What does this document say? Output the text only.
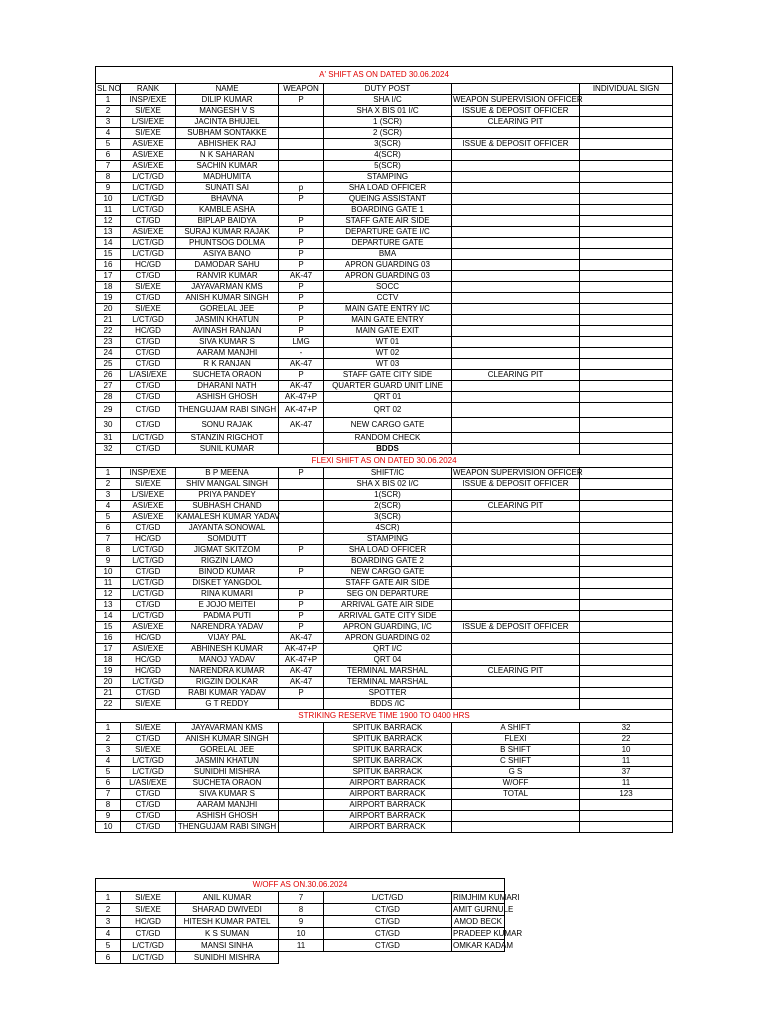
A' SHIFT AS ON DATED 30.06.2024						
SL NO	RANK	NAME	WEAPON	DUTY POST		INDIVIDUAL SIGN
1	INSP/EXE	DILIP KUMAR	P	SHA I/C	WEAPON SUPERVISION OFFICER	
2	SI/EXE	MANGESH V S		SHA X BIS 01 I/C	ISSUE & DEPOSIT OFFICER	
3	L/SI/EXE	JACINTA BHUJEL		1 (SCR)	CLEARING PIT	
4	SI/EXE	SUBHAM SONTAKKE		2 (SCR)		
5	ASI/EXE	ABHISHEK RAJ		3(SCR)	ISSUE & DEPOSIT OFFICER	
6	ASI/EXE	N K SAHARAN		4(SCR)		
7	ASI/EXE	SACHIN KUMAR		5(SCR)		
8	L/CT/GD	MADHUMITA		STAMPING		
9	L/CT/GD	SUNATI SAI	p	SHA LOAD OFFICER		
10	L/CT/GD	BHAVNA	P	QUEING ASSISTANT		
11	L/CT/GD	KAMBLE ASHA		BOARDING GATE 1		
12	CT/GD	BIPLAP BAIDYA	P	STAFF GATE AIR SIDE		
13	ASI/EXE	SURAJ KUMAR RAJAK	P	DEPARTURE GATE I/C		
14	L/CT/GD	PHUNTSOG DOLMA	P	DEPARTURE GATE		
15	L/CT/GD	ASIYA BANO	P	BMA		
16	HC/GD	DAMODAR SAHU	P	APRON GUARDING 03		
17	CT/GD	RANVIR KUMAR	AK-47	APRON GUARDING 03		
18	SI/EXE	JAYAVARMAN KMS	P	SOCC		
19	CT/GD	ANISH KUMAR SINGH	P	CCTV		
20	SI/EXE	GORELAL JEE	P	MAIN GATE ENTRY I/C		
21	L/CT/GD	JASMIN KHATUN	P	MAIN GATE ENTRY		
22	HC/GD	AVINASH RANJAN	P	MAIN GATE EXIT		
23	CT/GD	SIVA KUMAR S	LMG	WT 01		
24	CT/GD	AARAM MANJHI	-	WT 02		
25	CT/GD	R K RANJAN	AK-47	WT 03		
26	L/ASI/EXE	SUCHETA ORAON	P	STAFF GATE CITY SIDE	CLEARING PIT	
27	CT/GD	DHARANI NATH	AK-47	QUARTER GUARD UNIT LINE		
28	CT/GD	ASHISH GHOSH	AK-47+P	QRT 01		
29	CT/GD	THENGUJAM RABI SINGH	AK-47+P	QRT 02		
30	CT/GD	SONU RAJAK	AK-47	NEW CARGO GATE		
31	L/CT/GD	STANZIN RIGCHOT		RANDOM CHECK		
32	CT/GD	SUNIL KUMAR		BDDS		
FLEXI SHIFT AS ON DATED 30.06.2024						
1	INSP/EXE	B P MEENA	P	SHIFT/IC	WEAPON SUPERVISION OFFICER	
2	SI/EXE	SHIV MANGAL SINGH		SHA X BIS 02 I/C	ISSUE & DEPOSIT OFFICER	
3	L/SI/EXE	PRIYA PANDEY		1(SCR)		
4	ASI/EXE	SUBHASH CHAND		2(SCR)	CLEARING PIT	
5	ASI/EXE	KAMALESH KUMAR YADAV		3(SCR)		
6	CT/GD	JAYANTA SONOWAL		4SCR)		
7	HC/GD	SOMDUTT		STAMPING		
8	L/CT/GD	JIGMAT SKITZOM	P	SHA LOAD OFFICER		
9	L/CT/GD	RIGZIN LAMO		BOARDING GATE 2		
10	CT/GD	BINOD KUMAR	P	NEW CARGO GATE		
11	L/CT/GD	DISKET YANGDOL		STAFF GATE AIR SIDE		
12	L/CT/GD	RINA KUMARI	P	SEG ON DEPARTURE		
13	CT/GD	E JOJO MEITEI	P	ARRIVAL GATE AIR SIDE		
14	L/CT/GD	PADMA PUTI	P	ARRIVAL GATE CITY SIDE		
15	ASI/EXE	NARENDRA YADAV	P	APRON GUARDING, I/C	ISSUE & DEPOSIT OFFICER	
16	HC/GD	VIJAY PAL	AK-47	APRON GUARDING 02		
17	ASI/EXE	ABHINESH KUMAR	AK-47+P	QRT I/C		
18	HC/GD	MANOJ YADAV	AK-47+P	QRT 04		
19	HC/GD	NARENDRA KUMAR	AK-47	TERMINAL MARSHAL	CLEARING PIT	
20	L/CT/GD	RIGZIN DOLKAR	AK-47	TERMINAL MARSHAL		
21	CT/GD	RABI KUMAR YADAV	P	SPOTTER		
22	SI/EXE	G T REDDY		BDDS /IC		
STRIKING RESERVE TIME 1900 TO 0400 HRS						
1	SI/EXE	JAYAVARMAN KMS		SPITUK BARRACK	A SHIFT	32
2	CT/GD	ANISH KUMAR SINGH		SPITUK BARRACK	FLEXI	22
3	SI/EXE	GORELAL JEE		SPITUK BARRACK	B SHIFT	10
4	L/CT/GD	JASMIN KHATUN		SPITUK BARRACK	C SHIFT	11
5	L/CT/GD	SUNIDHI MISHRA		SPITUK BARRACK	G S	37
6	L/ASI/EXE	SUCHETA ORAON		AIRPORT BARRACK	W/OFF	11
7	CT/GD	SIVA KUMAR S		AIRPORT BARRACK	TOTAL	123
8	CT/GD	AARAM MANJHI		AIRPORT BARRACK		
9	CT/GD	ASHISH GHOSH		AIRPORT BARRACK		
10	CT/GD	THENGUJAM RABI SINGH		AIRPORT BARRACK		
W/OFF AS ON.30.06.2024					
1	SI/EXE	ANIL KUMAR	7	L/CT/GD	RIMJHIM KUMARI
2	SI/EXE	SHARAD DWIVEDI	8	CT/GD	AMIT GURNULE
3	HC/GD	HITESH KUMAR PATEL	9	CT/GD	AMOD BECK
4	CT/GD	K S SUMAN	10	CT/GD	PRADEEP KUMAR
5	L/CT/GD	MANSI SINHA	11	CT/GD	OMKAR KADAM
6	L/CT/GD	SUNIDHI MISHRA			
